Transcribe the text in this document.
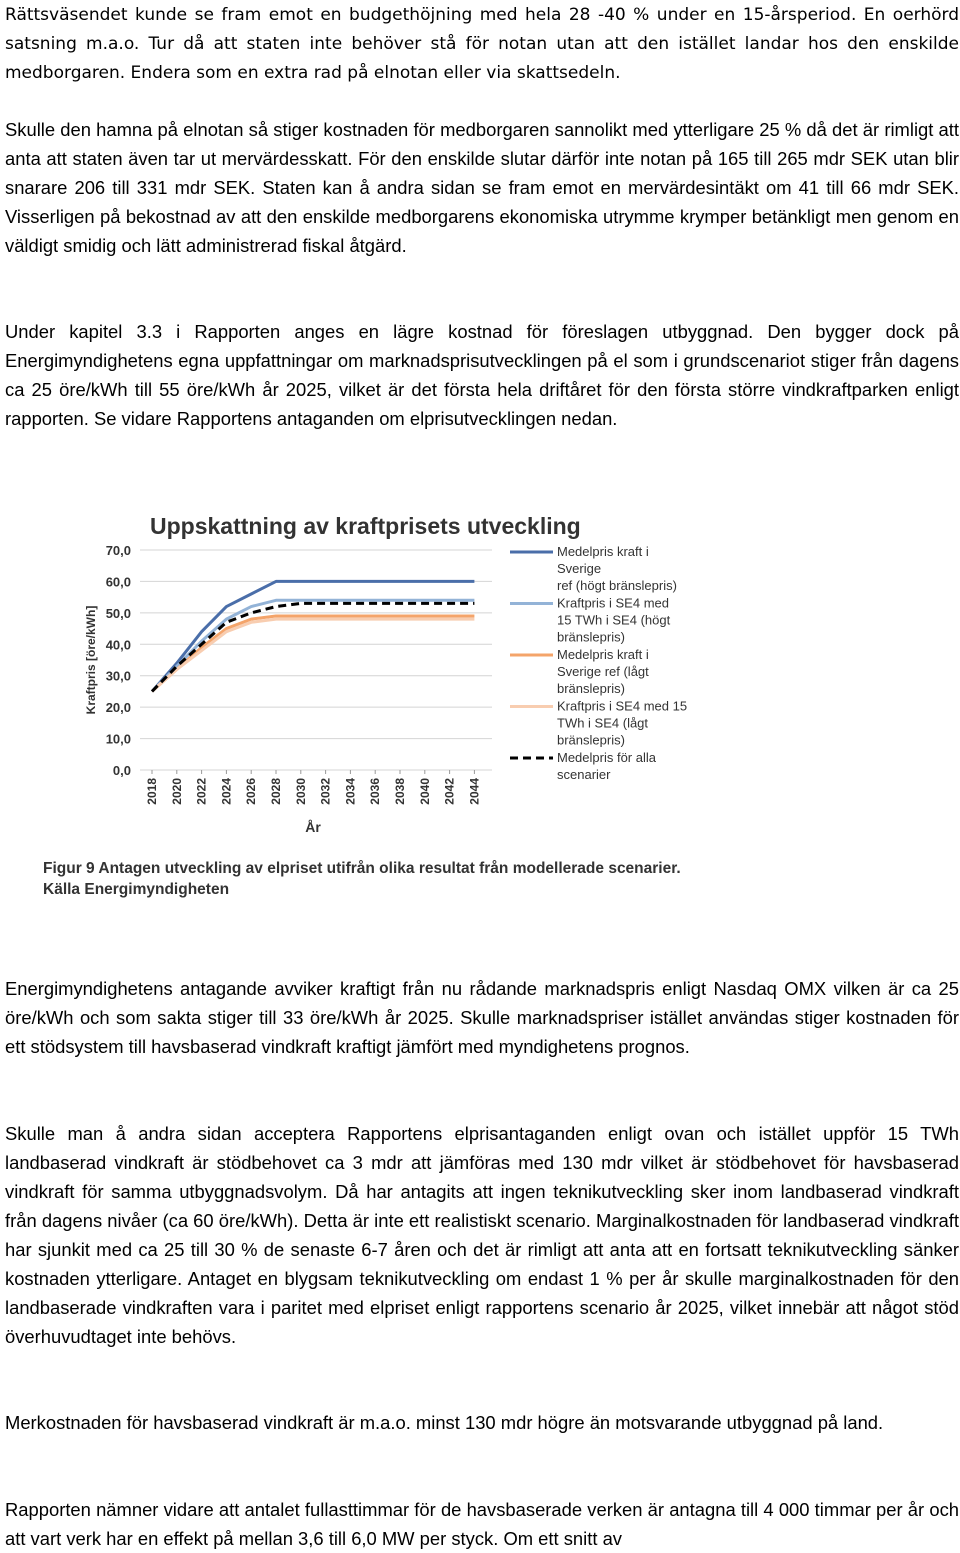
Rättsväsendet kunde se fram emot en budgethöjning med hela 28 -40 % under en 15-årsperiod. En oerhörd satsning m.a.o. Tur då att staten inte behöver stå för notan utan att den istället landar hos den enskilde medborgaren. Endera som en extra rad på elnotan eller via skattsedeln.

Skulle den hamna på elnotan så stiger kostnaden för medborgaren sannolikt med ytterligare 25 % då det är rimligt att anta att staten även tar ut mervärdesskatt. För den enskilde slutar därför inte notan på 165 till 265 mdr SEK utan blir snarare 206 till 331 mdr SEK. Staten kan å andra sidan se fram emot en mervärdesintäkt om 41 till 66 mdr SEK. Visserligen på bekostnad av att den enskilde medborgarens ekonomiska utrymme krymper betänkligt men genom en väldigt smidig och lätt administrerad fiskal åtgärd.

Under kapitel 3.3 i Rapporten anges en lägre kostnad för föreslagen utbyggnad. Den bygger dock på Energimyndighetens egna uppfattningar om marknadsprisutvecklingen på el som i grundscenariot stiger från dagens ca 25 öre/kWh till 55 öre/kWh år 2025, vilket är det första hela driftåret för den första större vindkraftparken enligt rapporten. Se vidare Rapportens antaganden om elprisutvecklingen nedan.

Uppskattning av kraftprisets utveckling
Kraftpris [öre/kWh]
År
0,0
10,0
20,0
30,0
40,0
50,0
60,0
70,0
2018 2020 2022 2024 2026 2028 2030 2032 2034 2036 2038 2040 2042 2044
Medelpris kraft i
Sverige
ref (högt bränslepris)
Kraftpris i SE4 med
15 TWh i SE4 (högt
bränslepris)
Medelpris kraft i
Sverige ref (lågt
bränslepris)
Kraftpris i SE4 med 15
TWh i SE4 (lågt
bränslepris)
Medelpris för alla
scenarier
Figur 9 Antagen utveckling av elpriset utifrån olika resultat från modellerade scenarier.
Källa Energimyndigheten

Energimyndighetens antagande avviker kraftigt från nu rådande marknadspris enligt Nasdaq OMX vilken är ca 25 öre/kWh och som sakta stiger till 33 öre/kWh år 2025. Skulle marknadspriser istället användas stiger kostnaden för ett stödsystem till havsbaserad vindkraft kraftigt jämfört med myndighetens prognos.

Skulle man å andra sidan acceptera Rapportens elprisantaganden enligt ovan och istället uppför 15 TWh landbaserad vindkraft är stödbehovet ca 3 mdr att jämföras med 130 mdr vilket är stödbehovet för havsbaserad vindkraft för samma utbyggnadsvolym. Då har antagits att ingen teknikutveckling sker inom landbaserad vindkraft från dagens nivåer (ca 60 öre/kWh). Detta är inte ett realistiskt scenario. Marginalkostnaden för landbaserad vindkraft har sjunkit med ca 25 till 30 % de senaste 6-7 åren och det är rimligt att anta att en fortsatt teknikutveckling sänker kostnaden ytterligare. Antaget en blygsam teknikutveckling om endast 1 % per år skulle marginalkostnaden för den landbaserade vindkraften vara i paritet med elpriset enligt rapportens scenario år 2025, vilket innebär att något stöd överhuvudtaget inte behövs.

Merkostnaden för havsbaserad vindkraft är m.a.o. minst 130 mdr högre än motsvarande utbyggnad på land.

Rapporten nämner vidare att antalet fullasttimmar för de havsbaserade verken är antagna till 4 000 timmar per år och att vart verk har en effekt på mellan 3,6 till 6,0 MW per styck. Om ett snitt av
